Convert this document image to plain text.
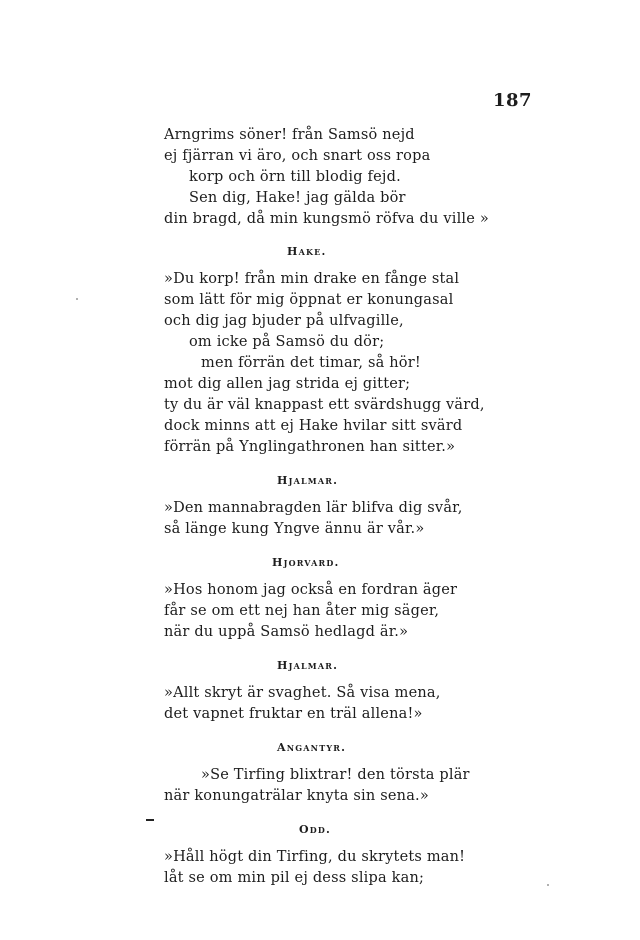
187
Arngrims söner! från Samsö nejd
ej fjärran vi äro, och snart oss ropa
korp och örn till blodig fejd.
Sen dig, Hake! jag gälda bör
din bragd, då min kungsmö röfva du ville »
Hake.
»Du korp! från min drake en fånge stal
som lätt för mig öppnat er konungasal
och dig jag bjuder på ulfvagille,
om icke på Samsö du dör;
men förrän det timar, så hör!
mot dig allen jag strida ej gitter;
ty du är väl knappast ett svärdshugg värd,
dock minns att ej Hake hvilar sitt svärd
förrän på Ynglingathronen han sitter.»
Hjalmar.
»Den mannabragden lär blifva dig svår,
så länge kung Yngve ännu är vår.»
Hjorvard.
»Hos honom jag också en fordran äger
får se om ett nej han åter mig säger,
när du uppå Samsö hedlagd är.»
Hjalmar.
»Allt skryt är svaghet. Så visa mena,
det vapnet fruktar en träl allena!»
Angantyr.
»Se Tirfing blixtrar! den törsta plär
när konungaträlar knyta sin sena.»
Odd.
»Håll högt din Tirfing, du skrytets man!
låt se om min pil ej dess slipa kan;
